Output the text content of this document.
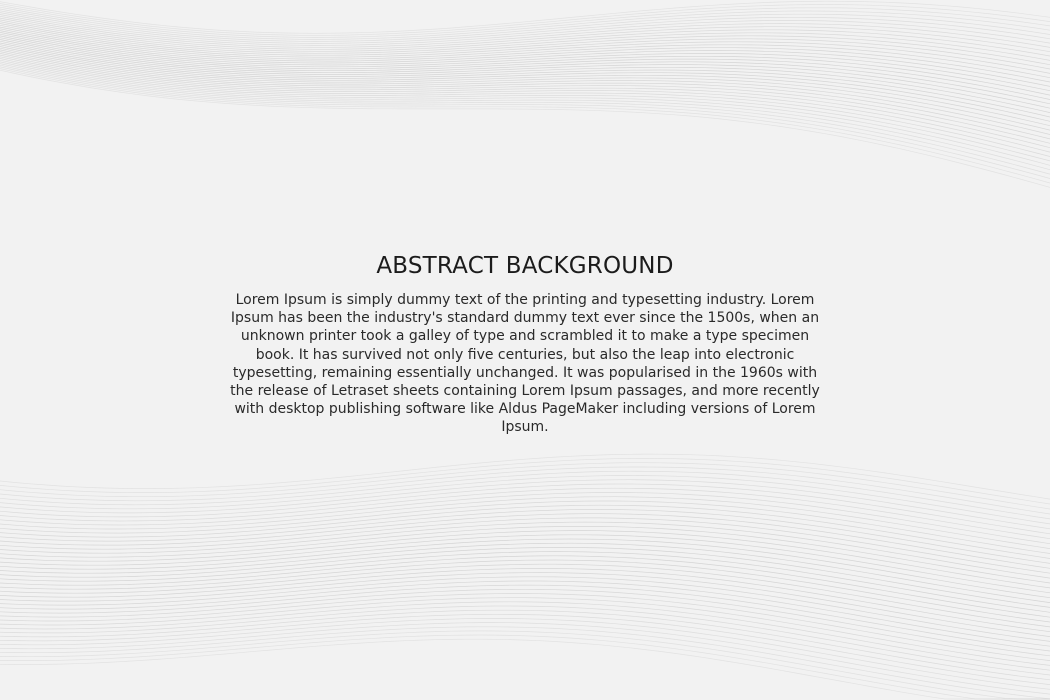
ABSTRACT BACKGROUND
Lorem Ipsum is simply dummy text of the printing and typesetting industry. Lorem
Ipsum has been the industry's standard dummy text ever since the 1500s, when an
unknown printer took a galley of type and scrambled it to make a type specimen
book. It has survived not only five centuries, but also the leap into electronic
typesetting, remaining essentially unchanged. It was popularised in the 1960s with
the release of Letraset sheets containing Lorem Ipsum passages, and more recently
with desktop publishing software like Aldus PageMaker including versions of Lorem
Ipsum.
